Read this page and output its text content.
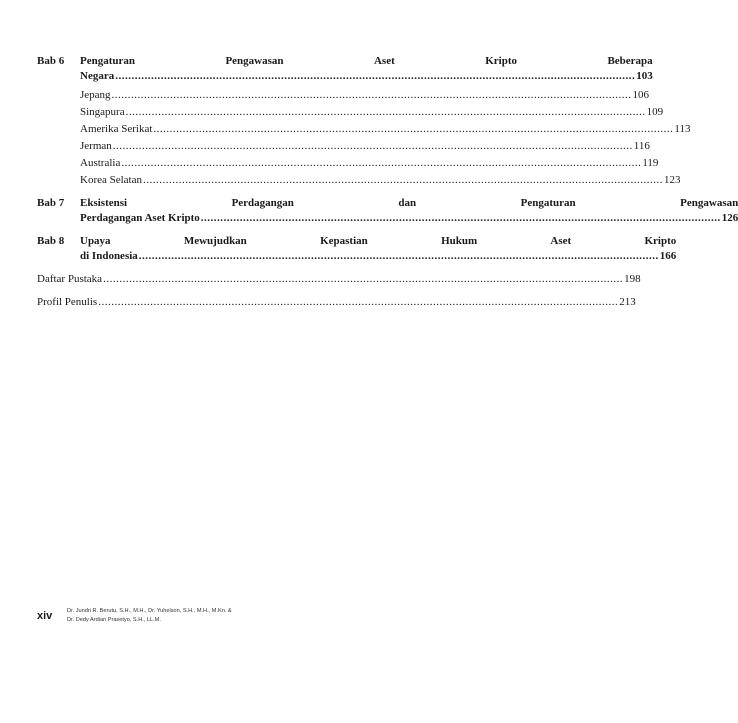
Bab 6	Pengaturan	Pengawasan	Aset	Kripto	Beberapa
Negara .....	103
Jepang .....	106
Singapura .....	109
Amerika Serikat .....	113
Jerman .....	116
Australia .....	119
Korea Selatan .....	123
Bab 7	Eksistensi	Perdagangan	dan	Pengaturan	Pengawasan
Perdagangan Aset Kripto .....	126
Bab 8	Upaya	Mewujudkan	Kepastian	Hukum	Aset	Kripto
di Indonesia .....	166
Daftar Pustaka .....	198
Profil Penulis .....	213
xiv	Dr. Jundri R. Berutu, S.H., M.H., Dr. Yuhelson, S.H., M.H., M.Kn. &
Dr. Dedy Ardian Prasetyo, S.H., LL.M.
